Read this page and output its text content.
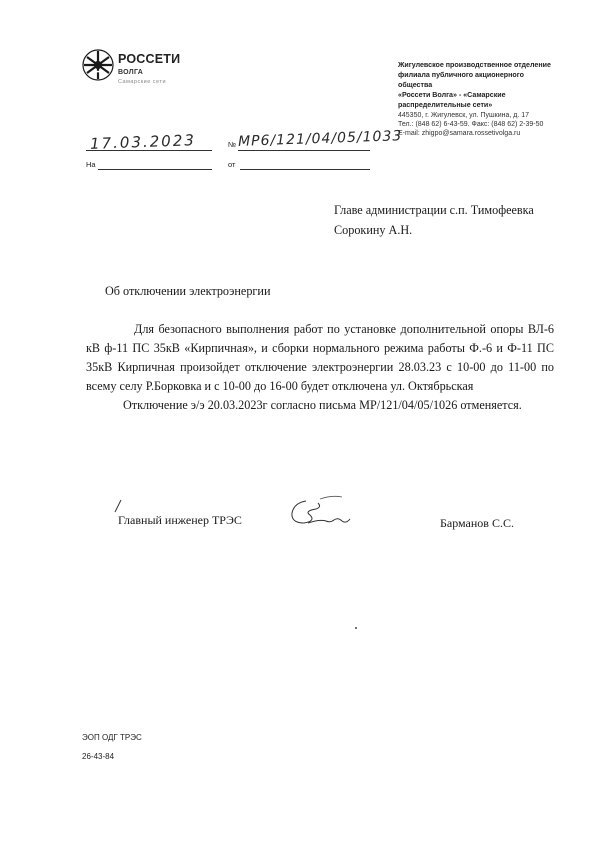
РОССЕТИ
ВОЛГА
Самарские сети
Жигулевское производственное отделение
филиала публичного акционерного общества
«Россети Волга» - «Самарские
распределительные сети»
445350, г. Жигулевск, ул. Пушкина, д. 17
Тел.: (848 62) 6-43-59. Факс: (848 62) 2-39-50
E-mail: zhigpo@samara.rossetivolga.ru
17.03.2023	МР6/121/04/05/1033
№
На	от
Главе администрации с.п. Тимофеевка
Сорокину А.Н.
Об отключении электроэнергии

Для безопасного выполнения работ по установке дополнительной опоры ВЛ-6 кВ ф-11 ПС 35кВ «Кирпичная», и сборки нормального режима работы Ф.-6 и Ф-11 ПС 35кВ Кирпичная произойдет отключение электроэнергии 28.03.23 с 10-00 до 11-00 по всему селу Р.Борковка и с 10-00 до 16-00 будет отключена ул. Октябрьская

Отключение э/э 20.03.2023г согласно письма МР/121/04/05/1026 отменяется.

Главный инженер ТРЭС	Барманов С.С.
ЭОП ОДГ ТРЭС
26-43-84
